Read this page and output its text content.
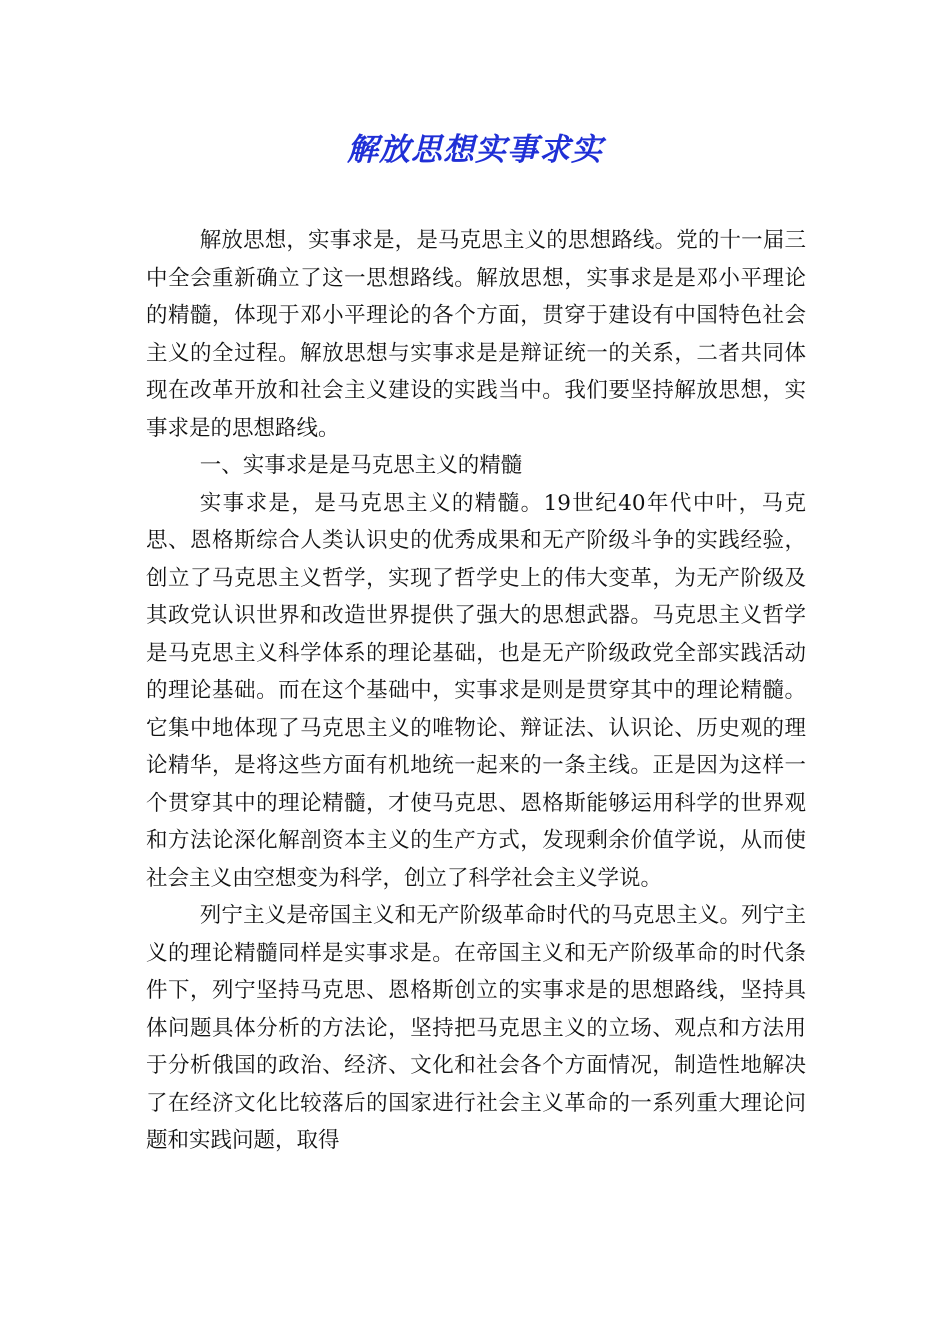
解放思想实事求实

解放思想，实事求是，是马克思主义的思想路线。党的十一届三中全会重新确立了这一思想路线。解放思想，实事求是是邓小平理论的精髓，体现于邓小平理论的各个方面，贯穿于建设有中国特色社会主义的全过程。解放思想与实事求是是辩证统一的关系，二者共同体现在改革开放和社会主义建设的实践当中。我们要坚持解放思想，实事求是的思想路线。

一、实事求是是马克思主义的精髓

实事求是，是马克思主义的精髓。19世纪40年代中叶，马克思、恩格斯综合人类认识史的优秀成果和无产阶级斗争的实践经验，创立了马克思主义哲学，实现了哲学史上的伟大变革，为无产阶级及其政党认识世界和改造世界提供了强大的思想武器。马克思主义哲学是马克思主义科学体系的理论基础，也是无产阶级政党全部实践活动的理论基础。而在这个基础中，实事求是则是贯穿其中的理论精髓。它集中地体现了马克思主义的唯物论、辩证法、认识论、历史观的理论精华，是将这些方面有机地统一起来的一条主线。正是因为这样一个贯穿其中的理论精髓，才使马克思、恩格斯能够运用科学的世界观和方法论深化解剖资本主义的生产方式，发现剩余价值学说，从而使社会主义由空想变为科学，创立了科学社会主义学说。

列宁主义是帝国主义和无产阶级革命时代的马克思主义。列宁主义的理论精髓同样是实事求是。在帝国主义和无产阶级革命的时代条件下，列宁坚持马克思、恩格斯创立的实事求是的思想路线，坚持具体问题具体分析的方法论，坚持把马克思主义的立场、观点和方法用于分析俄国的政治、经济、文化和社会各个方面情况，制造性地解决了在经济文化比较落后的国家进行社会主义革命的一系列重大理论问题和实践问题，取得
